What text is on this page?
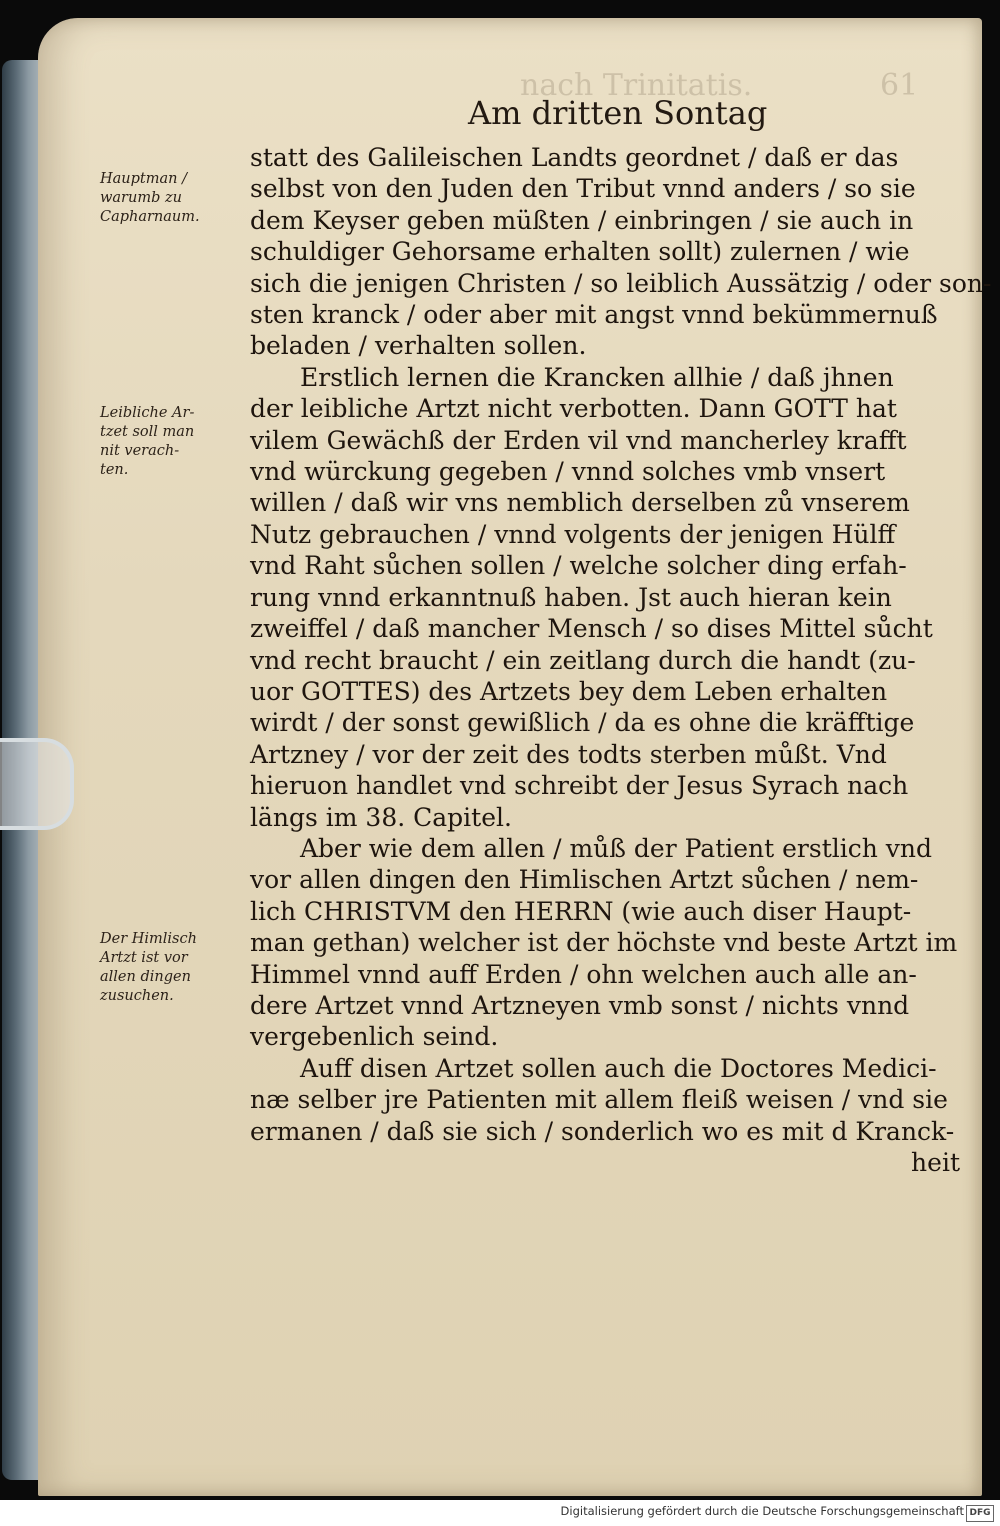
nach Trinitatis.	61
Am dritten Sontag
Hauptman /
warumb zu
Capharnaum.
Leibliche Ar-
tzet soll man
nit verach-
ten.
Der Himlisch
Artzt ist vor
allen dingen
zusuchen.
statt des Galileischen Landts geordnet / daß er das
selbst von den Juden den Tribut vnnd anders / so sie
dem Keyser geben müßten / einbringen / sie auch in
schuldiger Gehorsame erhalten sollt) zulernen / wie
sich die jenigen Christen / so leiblich Aussätzig / oder son-
sten kranck / oder aber mit angst vnnd bekümmernuß
beladen / verhalten sollen.
Erstlich lernen die Krancken allhie / daß jhnen
der leibliche Artzt nicht verbotten. Dann GOTT hat
vilem Gewächß der Erden vil vnd mancherley krafft
vnd würckung gegeben / vnnd solches vmb vnsert
willen / daß wir vns nemblich derselben zů vnserem
Nutz gebrauchen / vnnd volgents der jenigen Hülff
vnd Raht sůchen sollen / welche solcher ding erfah-
rung vnnd erkanntnuß haben. Jst auch hieran kein
zweiffel / daß mancher Mensch / so dises Mittel sůcht
vnd recht braucht / ein zeitlang durch die handt (zu-
uor GOTTES) des Artzets bey dem Leben erhalten
wirdt / der sonst gewißlich / da es ohne die kräfftige
Artzney / vor der zeit des todts sterben můßt. Vnd
hieruon handlet vnd schreibt der Jesus Syrach nach
längs im 38. Capitel.
Aber wie dem allen / můß der Patient erstlich vnd
vor allen dingen den Himlischen Artzt sůchen / nem-
lich CHRISTVM den HERRN (wie auch diser Haupt-
man gethan) welcher ist der höchste vnd beste Artzt im
Himmel vnnd auff Erden / ohn welchen auch alle an-
dere Artzet vnnd Artzneyen vmb sonst / nichts vnnd
vergebenlich seind.
Auff disen Artzet sollen auch die Doctores Medici-
næ selber jre Patienten mit allem fleiß weisen / vnd sie
ermanen / daß sie sich / sonderlich wo es mit d Kranck-
heit
Digitalisierung gefördert durch die Deutsche Forschungsgemeinschaft DFG
